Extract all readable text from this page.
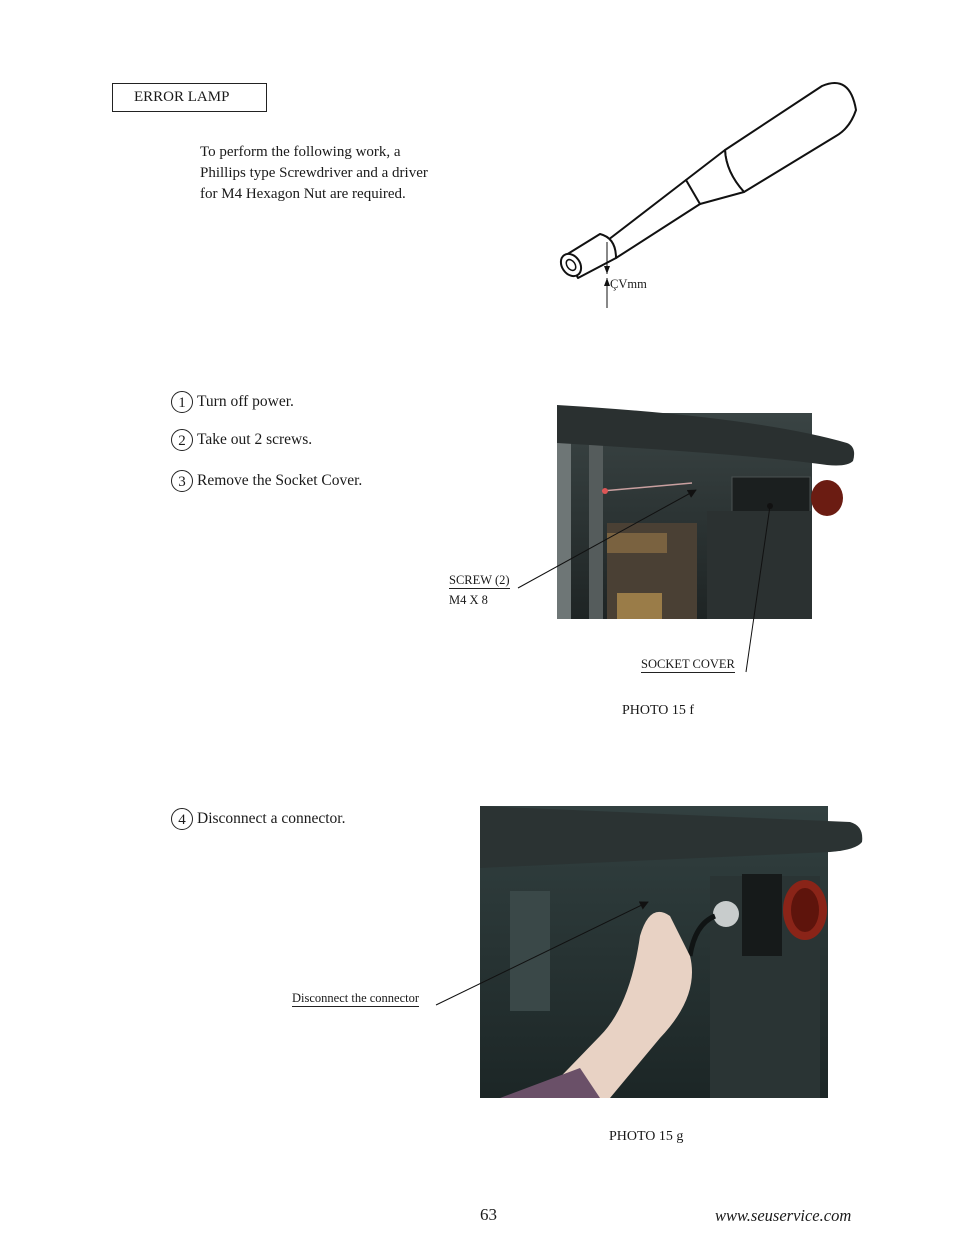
ERROR LAMP
To perform the following work, a
Phillips type Screwdriver and a driver
for M4 Hexagon Nut are required.
ÇVmm
1 Turn off power.
2 Take out 2 screws.
3 Remove the Socket Cover.
SCREW (2)
M4 X 8
SOCKET COVER
PHOTO 15 f
4 Disconnect a connector.
Disconnect the connector
PHOTO 15 g
63	www.seuservice.com
